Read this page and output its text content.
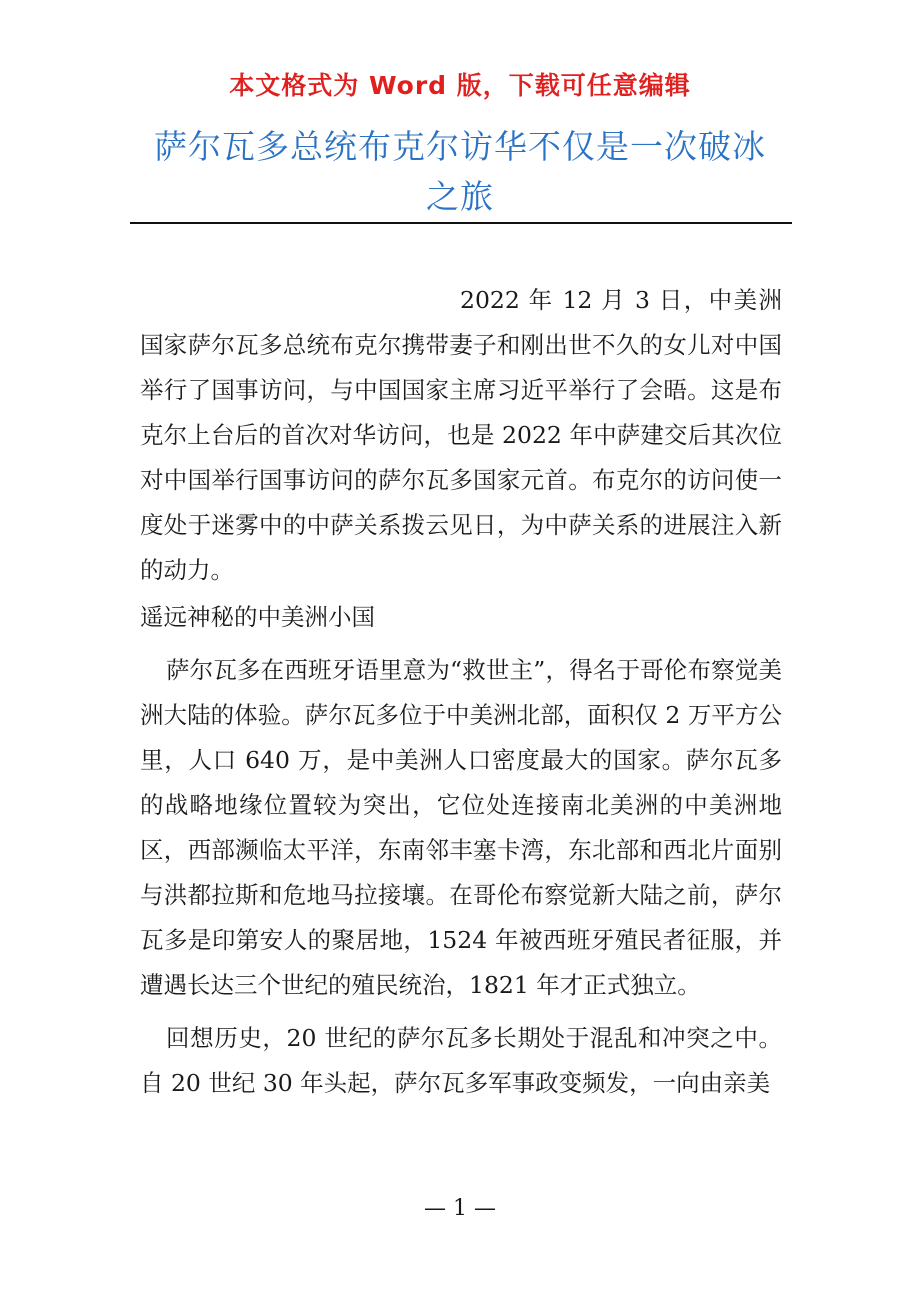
本文格式为 Word 版，下载可任意编辑
萨尔瓦多总统布克尔访华不仅是一次破冰
之旅

2022 年 12 月 3 日，中美洲国家萨尔瓦多总统布克尔携带妻子和刚出世不久的女儿对中国举行了国事访问，与中国国家主席习近平举行了会晤。这是布克尔上台后的首次对华访问，也是 2022 年中萨建交后其次位对中国举行国事访问的萨尔瓦多国家元首。布克尔的访问使一度处于迷雾中的中萨关系拨云见日，为中萨关系的进展注入新的动力。

遥远神秘的中美洲小国

萨尔瓦多在西班牙语里意为“救世主”，得名于哥伦布察觉美洲大陆的体验。萨尔瓦多位于中美洲北部，面积仅 2 万平方公里，人口 640 万，是中美洲人口密度最大的国家。萨尔瓦多的战略地缘位置较为突出，它位处连接南北美洲的中美洲地区，西部濒临太平洋，东南邻丰塞卡湾，东北部和西北片面别与洪都拉斯和危地马拉接壤。在哥伦布察觉新大陆之前，萨尔瓦多是印第安人的聚居地，1524 年被西班牙殖民者征服，并遭遇长达三个世纪的殖民统治，1821 年才正式独立。

回想历史，20 世纪的萨尔瓦多长期处于混乱和冲突之中。自 20 世纪 30 年头起，萨尔瓦多军事政变频发，一向由亲美

— 1 —
